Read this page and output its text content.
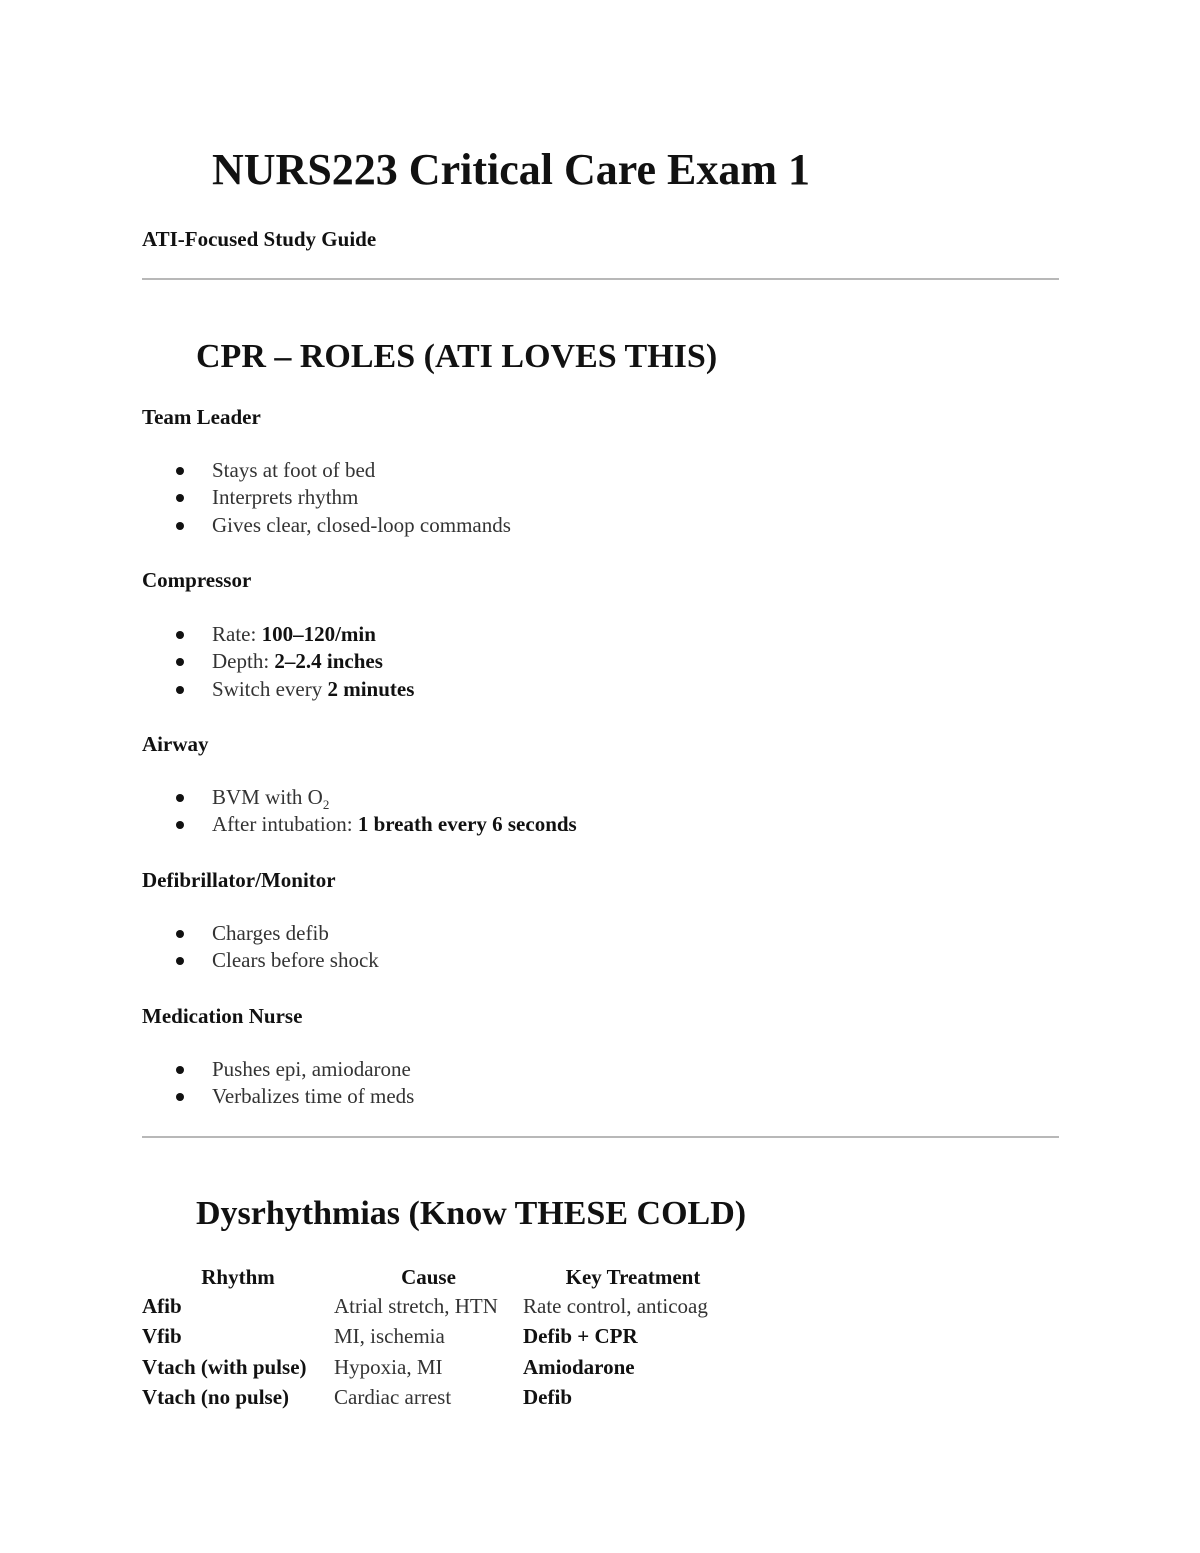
NURS223 Critical Care Exam 1

ATI-Focused Study Guide

CPR – ROLES (ATI LOVES THIS)

Team Leader

Stays at foot of bed
Interprets rhythm
Gives clear, closed-loop commands

Compressor

Rate: 100–120/min
Depth: 2–2.4 inches
Switch every 2 minutes

Airway

BVM with $O_2$
After intubation: 1 breath every 6 seconds

Defibrillator/Monitor

Charges defib
Clears before shock

Medication Nurse

Pushes epi, amiodarone
Verbalizes time of meds
Dysrhythmias (Know THESE COLD)
Rhythm	Cause	Key Treatment
Afib	Atrial stretch, HTN	Rate control, anticoag
Vfib	MI, ischemia	Defib + CPR
Vtach (with pulse)	Hypoxia, MI	Amiodarone
Vtach (no pulse)	Cardiac arrest	Defib
